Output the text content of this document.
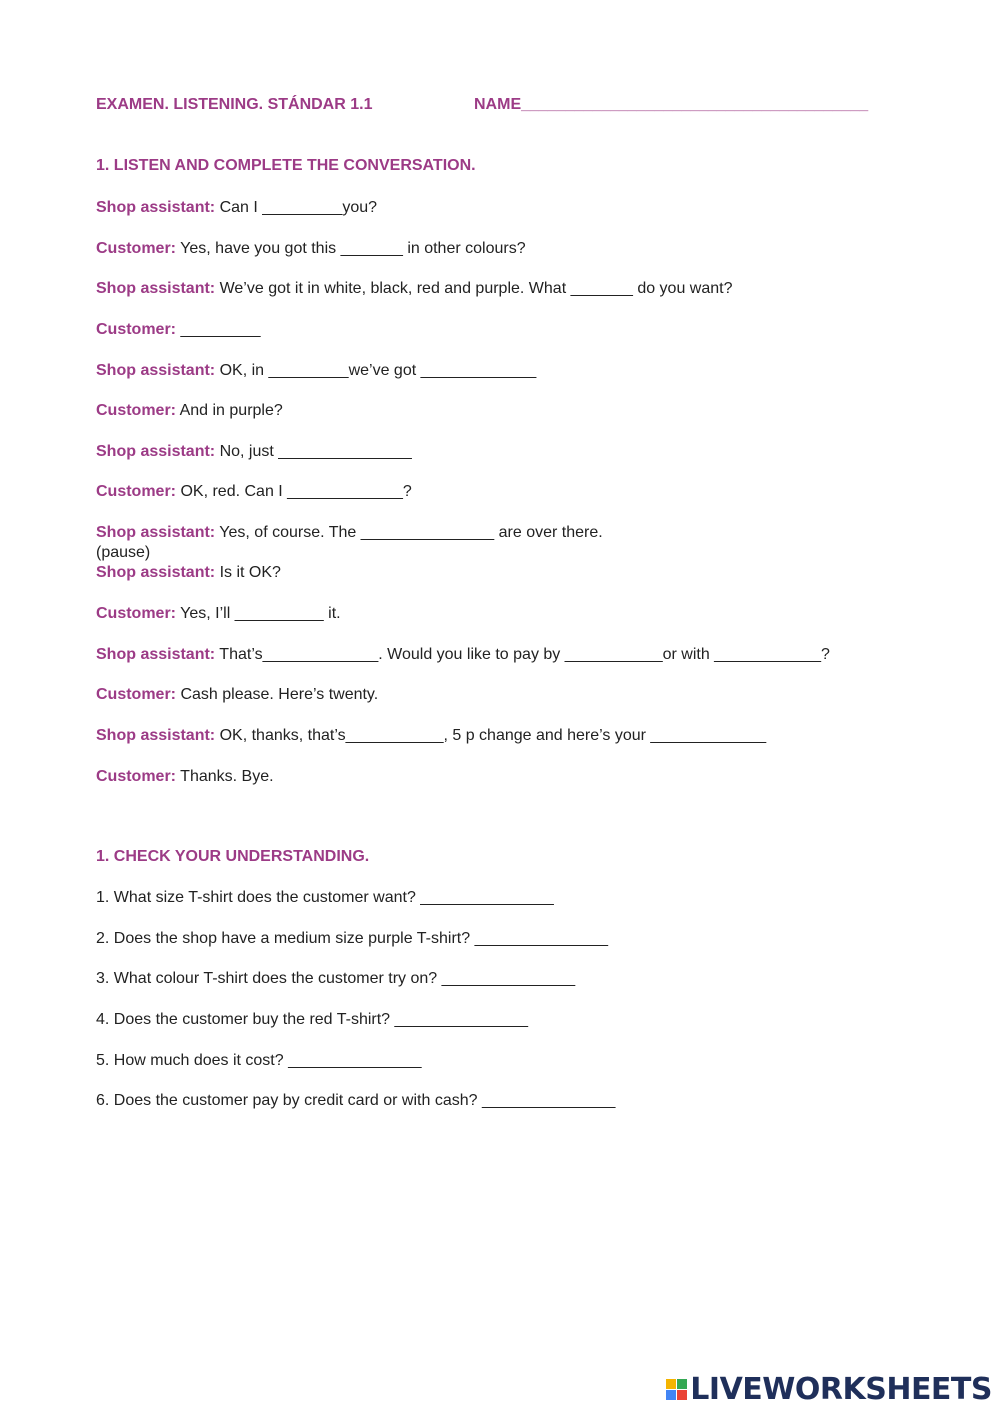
EXAMEN. LISTENING. STÁNDAR 1.1	NAME_______________________________________
1. LISTEN AND COMPLETE THE CONVERSATION.
Shop assistant: Can I _________you?
Customer: Yes, have you got this _______ in other colours?
Shop assistant: We’ve got it in white, black, red and purple. What _______ do you want?
Customer: _________
Shop assistant: OK, in _________we’ve got _____________
Customer: And in purple?
Shop assistant: No, just _______________
Customer: OK, red. Can I _____________?
Shop assistant: Yes, of course. The _______________ are over there.
(pause)
Shop assistant: Is it OK?
Customer: Yes, I’ll __________ it.
Shop assistant: That’s_____________. Would you like to pay by ___________or with ____________?
Customer: Cash please. Here’s twenty.
Shop assistant: OK, thanks, that’s___________, 5 p change and here’s your _____________
Customer: Thanks. Bye.
1. CHECK YOUR UNDERSTANDING.
1. What size T-shirt does the customer want? _______________
2. Does the shop have a medium size purple T-shirt? _______________
3. What colour T-shirt does the customer try on? _______________
4. Does the customer buy the red T-shirt? _______________
5. How much does it cost? _______________
6. Does the customer pay by credit card or with cash? _______________
LIVEWORKSHEETS
